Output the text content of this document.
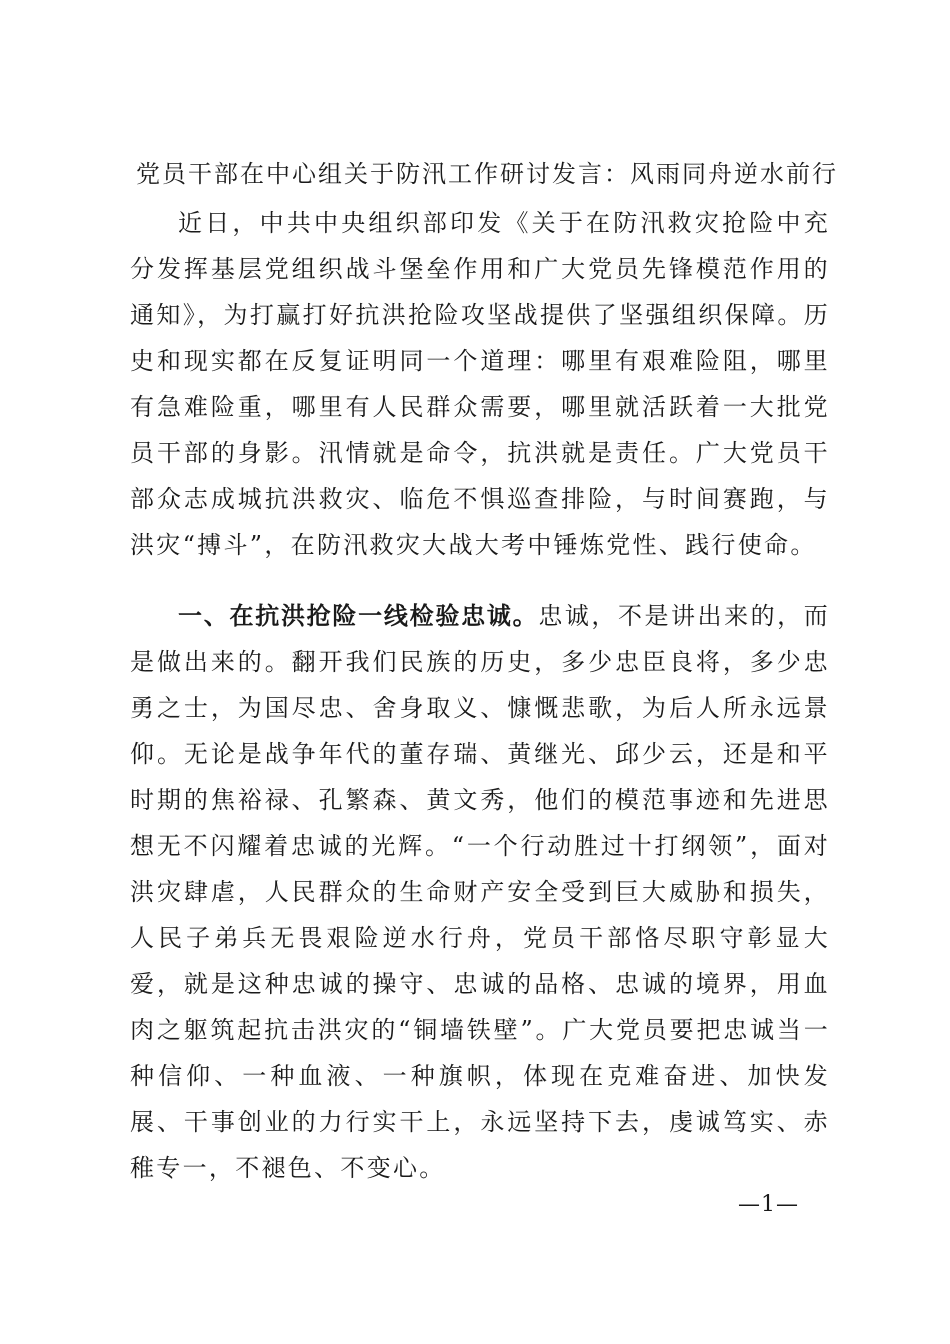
党员干部在中心组关于防汛工作研讨发言：风雨同舟逆水前行

近日，中共中央组织部印发《关于在防汛救灾抢险中充分发挥基层党组织战斗堡垒作用和广大党员先锋模范作用的通知》，为打赢打好抗洪抢险攻坚战提供了坚强组织保障。历史和现实都在反复证明同一个道理：哪里有艰难险阻，哪里有急难险重，哪里有人民群众需要，哪里就活跃着一大批党员干部的身影。汛情就是命令，抗洪就是责任。广大党员干部众志成城抗洪救灾、临危不惧巡查排险，与时间赛跑，与洪灾“搏斗”，在防汛救灾大战大考中锤炼党性、践行使命。

一、在抗洪抢险一线检验忠诚。忠诚，不是讲出来的，而是做出来的。翻开我们民族的历史，多少忠臣良将，多少忠勇之士，为国尽忠、舍身取义、慷慨悲歌，为后人所永远景仰。无论是战争年代的董存瑞、黄继光、邱少云，还是和平时期的焦裕禄、孔繁森、黄文秀，他们的模范事迹和先进思想无不闪耀着忠诚的光辉。“一个行动胜过十打纲领”，面对洪灾肆虐，人民群众的生命财产安全受到巨大威胁和损失，人民子弟兵无畏艰险逆水行舟，党员干部恪尽职守彰显大爱，就是这种忠诚的操守、忠诚的品格、忠诚的境界，用血肉之躯筑起抗击洪灾的“铜墙铁壁”。广大党员要把忠诚当一种信仰、一种血液、一种旗帜，体现在克难奋进、加快发展、干事创业的力行实干上，永远坚持下去，虔诚笃实、赤稚专一，不褪色、不变心。

—1—
